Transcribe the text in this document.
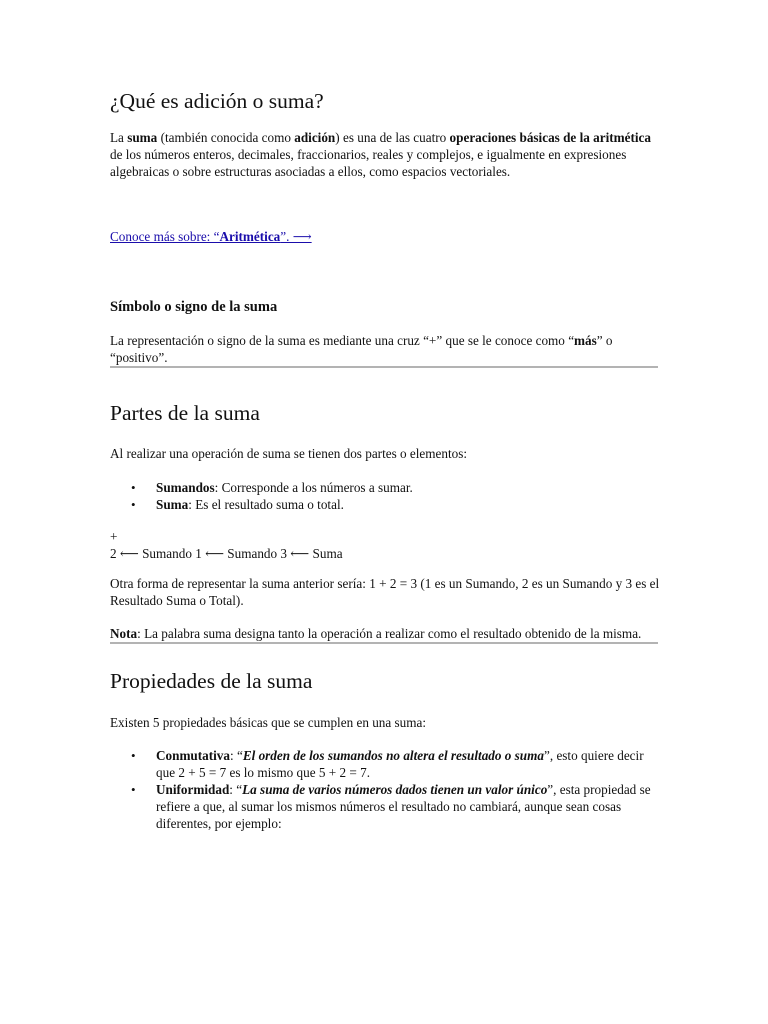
¿Qué es adición o suma?

La suma (también conocida como adición) es una de las cuatro operaciones básicas de la aritmética de los números enteros, decimales, fraccionarios, reales y complejos, e igualmente en expresiones algebraicas o sobre estructuras asociadas a ellos, como espacios vectoriales.

Conoce más sobre: “Aritmética”. ⟶

Símbolo o signo de la suma

La representación o signo de la suma es mediante una cruz “+” que se le conoce como “más” o “positivo”.

Partes de la suma

Al realizar una operación de suma se tienen dos partes o elementos:

• Sumandos: Corresponde a los números a sumar.
• Suma: Es el resultado suma o total.

+

2 ⟵ Sumando 1 ⟵ Sumando 3 ⟵ Suma

Otra forma de representar la suma anterior sería: 1 + 2 = 3 (1 es un Sumando, 2 es un Sumando y 3 es el Resultado Suma o Total).

Nota: La palabra suma designa tanto la operación a realizar como el resultado obtenido de la misma.

Propiedades de la suma

Existen 5 propiedades básicas que se cumplen en una suma:

• Conmutativa: “El orden de los sumandos no altera el resultado o suma”, esto quiere decir que 2 + 5 = 7 es lo mismo que 5 + 2 = 7.
• Uniformidad: “La suma de varios números dados tienen un valor único”, esta propiedad se refiere a que, al sumar los mismos números el resultado no cambiará, aunque sean cosas diferentes, por ejemplo:
